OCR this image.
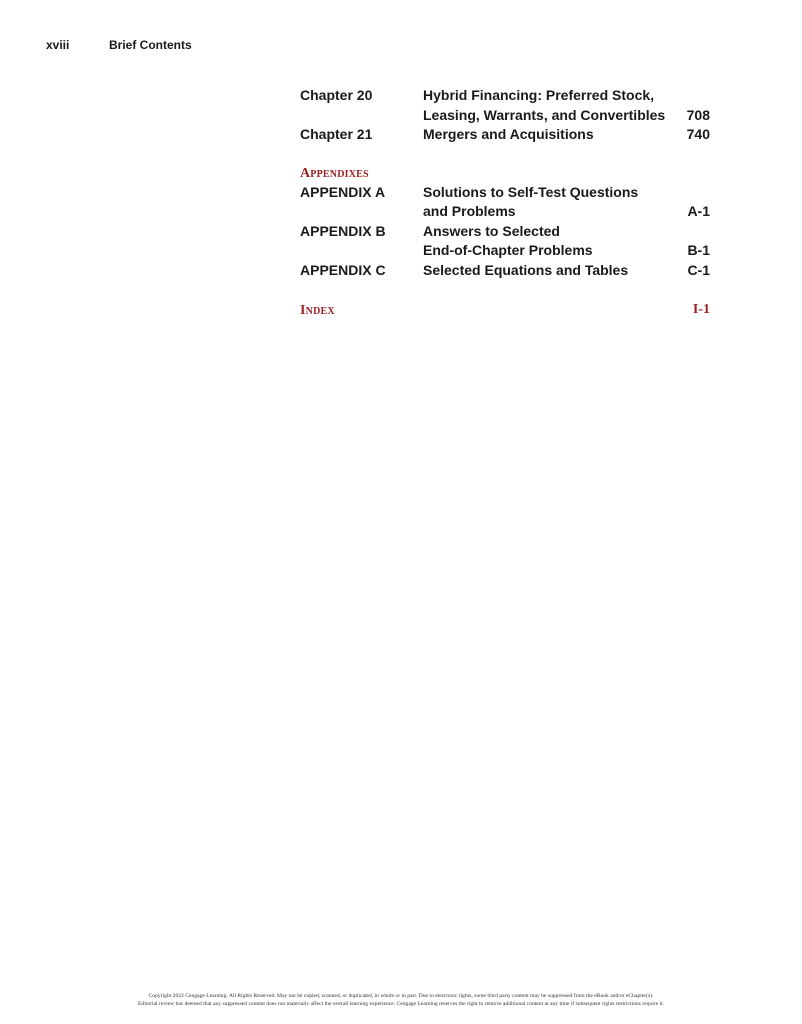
xviii	Brief Contents
Chapter 20	Hybrid Financing: Preferred Stock,
Leasing, Warrants, and Convertibles 708
Chapter 21	Mergers and Acquisitions	740
Appendixes
APPENDIX A	Solutions to Self-Test Questions
and Problems	A-1
APPENDIX B	Answers to Selected
End-of-Chapter Problems	B-1
APPENDIX C	Selected Equations and Tables	C-1
Index	I-1
Copyright 2022 Cengage Learning. All Rights Reserved. May not be copied, scanned, or duplicated, in whole or in part. Due to electronic rights, some third party content may be suppressed from the eBook and/or eChapter(s).
Editorial review has deemed that any suppressed content does not materially affect the overall learning experience. Cengage Learning reserves the right to remove additional content at any time if subsequent rights restrictions require it.
